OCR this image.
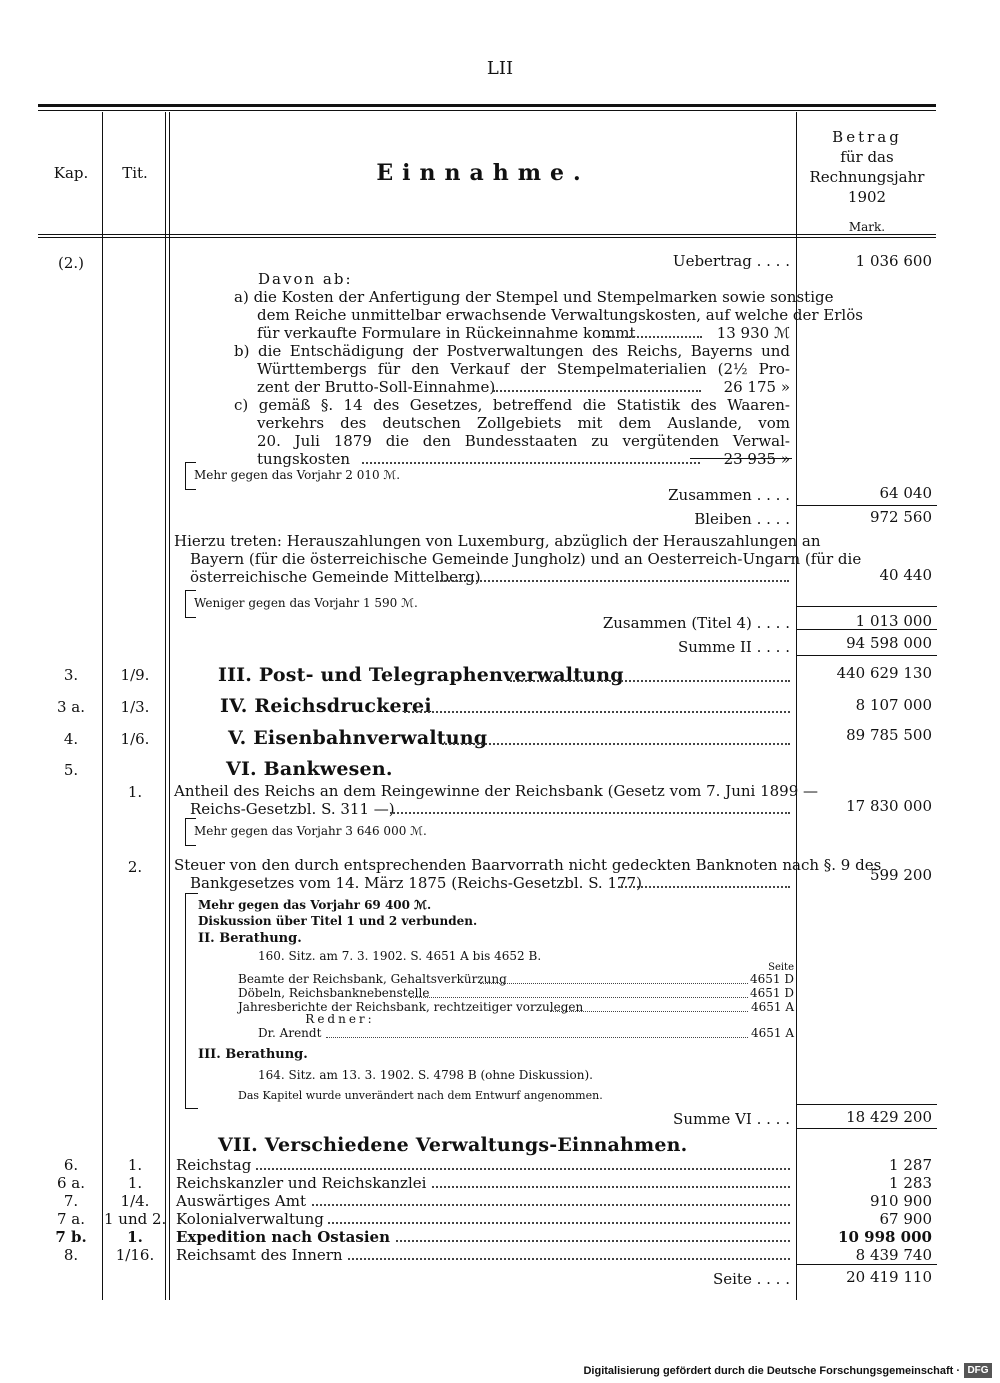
LII
Kap.	Tit.	Einnahme.
Betrag
für das
Rechnungsjahr
1902
Mark.
(2.)	Uebertrag . . . .	1 036 600
Davon ab:
a) die Kosten der Anfertigung der Stempel und Stempelmarken sowie sonstige
dem Reiche unmittelbar erwachsende Verwaltungskosten, auf welche der Erlös
für verkaufte Formulare in Rückeinnahme kommt	13 930 ℳ
b) die Entschädigung der Postverwaltungen des Reichs, Bayerns und
Württembergs für den Verkauf der Stempelmaterialien (2½ Pro-
zent der Brutto-Soll-Einnahme)	26 175 »
c) gemäß §. 14 des Gesetzes, betreffend die Statistik des Waaren-
verkehrs des deutschen Zollgebiets mit dem Auslande, vom
20. Juli 1879 die den Bundesstaaten zu vergütenden Verwal-
tungskosten	23 935 »
Mehr gegen das Vorjahr 2 010 ℳ.
Zusammen . . . .	64 040
Bleiben . . . .	972 560
Hierzu treten: Herauszahlungen von Luxemburg, abzüglich der Herauszahlungen an
Bayern (für die österreichische Gemeinde Jungholz) und an Oesterreich-Ungarn (für die
österreichische Gemeinde Mittelberg)	40 440
Weniger gegen das Vorjahr 1 590 ℳ.
Zusammen (Titel 4) . . . .	1 013 000
Summe II . . . .	94 598 000
3.	1/9.	III. Post- und Telegraphenverwaltung	440 629 130
3 a.	1/3.	IV. Reichsdruckerei	8 107 000
4.	1/6.	V. Eisenbahnverwaltung	89 785 500
5.	VI. Bankwesen.
1.	Antheil des Reichs an dem Reingewinne der Reichsbank (Gesetz vom 7. Juni 1899 —
Reichs-Gesetzbl. S. 311 —)	17 830 000
Mehr gegen das Vorjahr 3 646 000 ℳ.
2.	Steuer von den durch entsprechenden Baarvorrath nicht gedeckten Banknoten nach §. 9 des
Bankgesetzes vom 14. März 1875 (Reichs-Gesetzbl. S. 177)	599 200
Mehr gegen das Vorjahr 69 400 ℳ.
Diskussion über Titel 1 und 2 verbunden.
II. Berathung.
160. Sitz. am 7. 3. 1902. S. 4651 A bis 4652 B.
Seite
Beamte der Reichsbank, Gehaltsverkürzung	4651 D
Döbeln, Reichsbanknebenstelle	4651 D
Jahresberichte der Reichsbank, rechtzeitiger vorzulegen	4651 A
Redner:
Dr. Arendt	4651 A
III. Berathung.
164. Sitz. am 13. 3. 1902. S. 4798 B (ohne Diskussion).
Das Kapitel wurde unverändert nach dem Entwurf angenommen.
Summe VI . . . .	18 429 200
VII. Verschiedene Verwaltungs-Einnahmen.
6.	1.	Reichstag	1 287
6 a.	1.	Reichskanzler und Reichskanzlei	1 283
7.	1/4.	Auswärtiges Amt	910 900
7 a.	1 und 2. Kolonialverwaltung	67 900
7 b.	1.	Expedition nach Ostasien	10 998 000
8.	1/16.	Reichsamt des Innern	8 439 740
Seite . . . .	20 419 110
Digitalisierung gefördert durch die Deutsche Forschungsgemeinschaft · DFG
